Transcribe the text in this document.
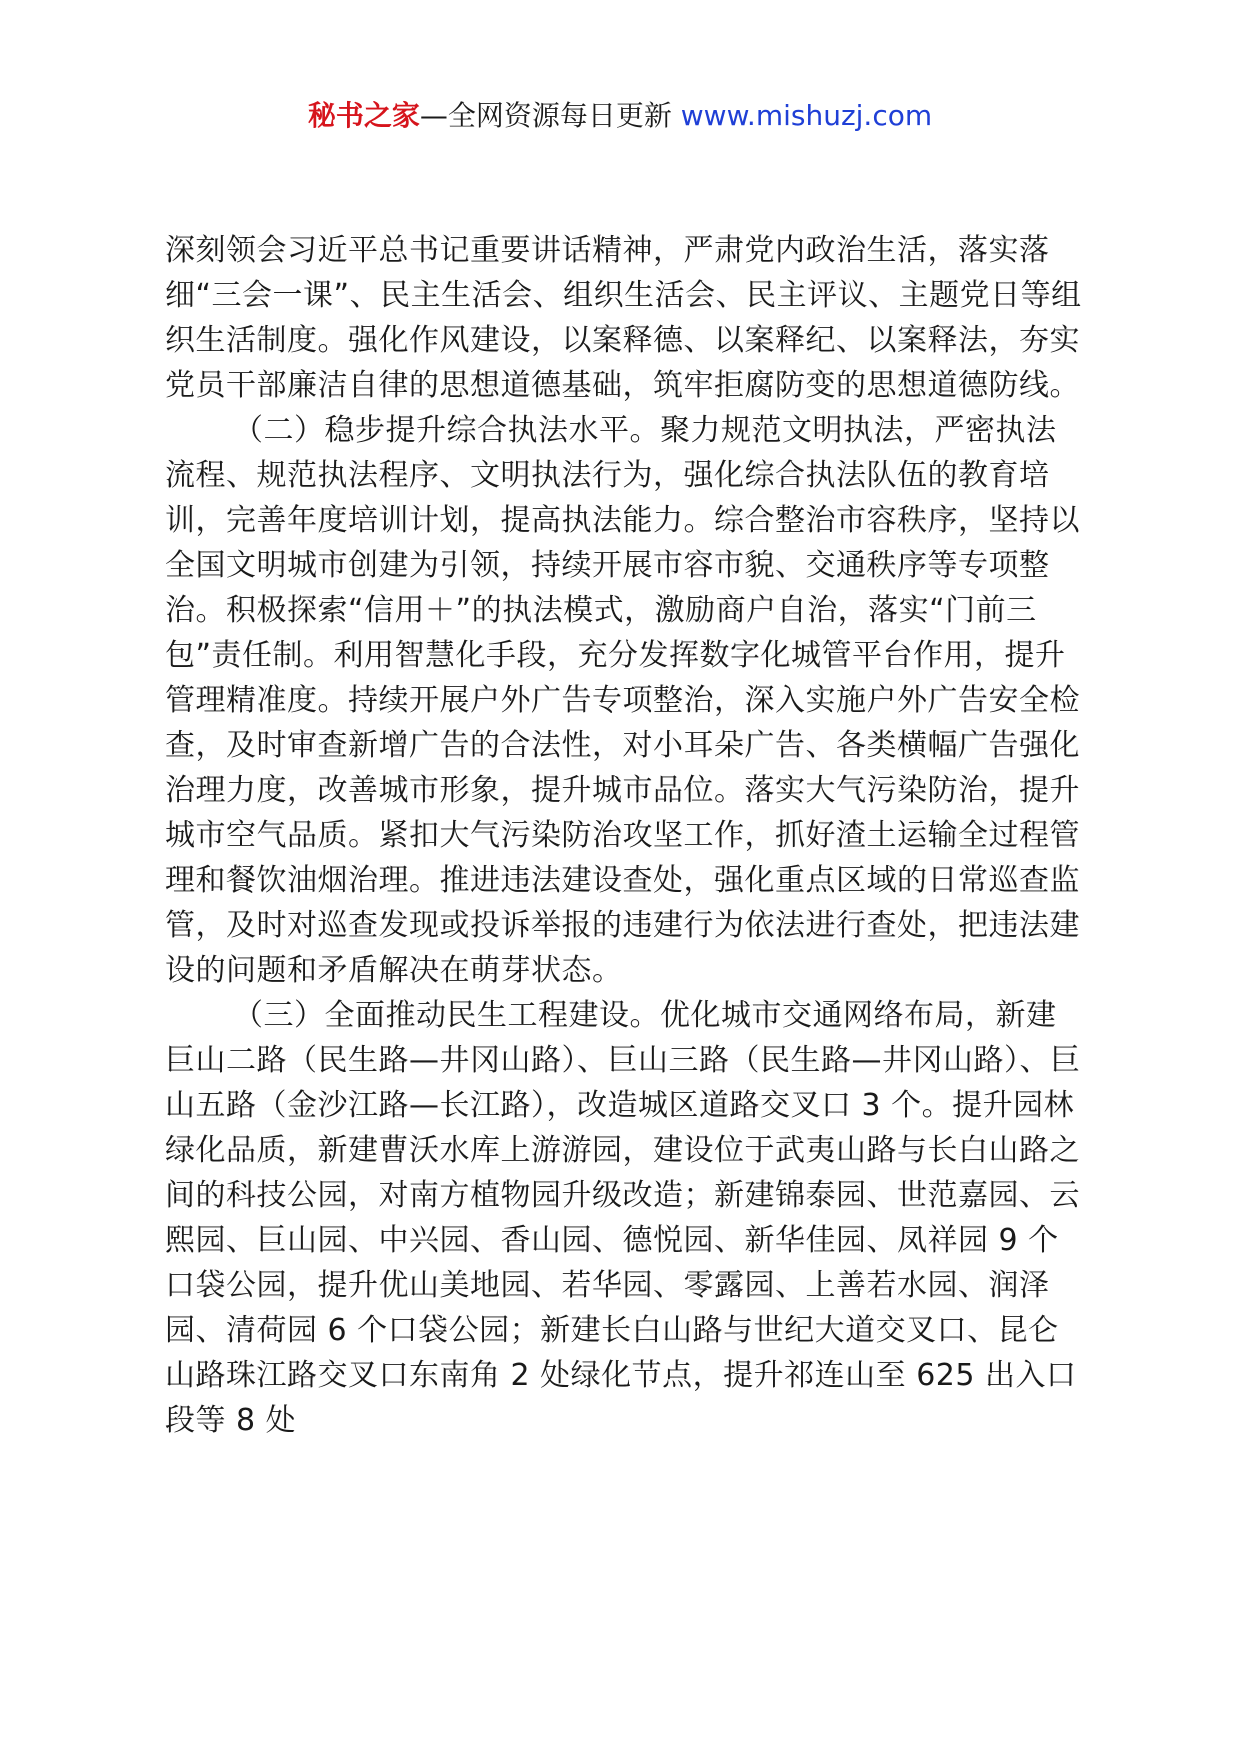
秘书之家—全网资源每日更新 www.mishuzj.com

深刻领会习近平总书记重要讲话精神，严肃党内政治生活，落实落细“三会一课”、民主生活会、组织生活会、民主评议、主题党日等组织生活制度。强化作风建设，以案释德、以案释纪、以案释法，夯实党员干部廉洁自律的思想道德基础，筑牢拒腐防变的思想道德防线。

（二）稳步提升综合执法水平。聚力规范文明执法，严密执法流程、规范执法程序、文明执法行为，强化综合执法队伍的教育培训，完善年度培训计划，提高执法能力。综合整治市容秩序，坚持以全国文明城市创建为引领，持续开展市容市貌、交通秩序等专项整治。积极探索“信用＋”的执法模式，激励商户自治，落实“门前三包”责任制。利用智慧化手段，充分发挥数字化城管平台作用，提升管理精准度。持续开展户外广告专项整治，深入实施户外广告安全检查，及时审查新增广告的合法性，对小耳朵广告、各类横幅广告强化治理力度，改善城市形象，提升城市品位。落实大气污染防治，提升城市空气品质。紧扣大气污染防治攻坚工作，抓好渣土运输全过程管理和餐饮油烟治理。推进违法建设查处，强化重点区域的日常巡查监管，及时对巡查发现或投诉举报的违建行为依法进行查处，把违法建设的问题和矛盾解决在萌芽状态。

（三）全面推动民生工程建设。优化城市交通网络布局，新建巨山二路（民生路—井冈山路）、巨山三路（民生路—井冈山路）、巨山五路（金沙江路—长江路），改造城区道路交叉口 3 个。提升园林绿化品质，新建曹沃水库上游游园，建设位于武夷山路与长白山路之间的科技公园，对南方植物园升级改造；新建锦泰园、世范嘉园、云熙园、巨山园、中兴园、香山园、德悦园、新华佳园、凤祥园 9 个口袋公园，提升优山美地园、若华园、零露园、上善若水园、润泽园、清荷园 6 个口袋公园；新建长白山路与世纪大道交叉口、昆仑山路珠江路交叉口东南角 2 处绿化节点，提升祁连山至 625 出入口段等 8 处
